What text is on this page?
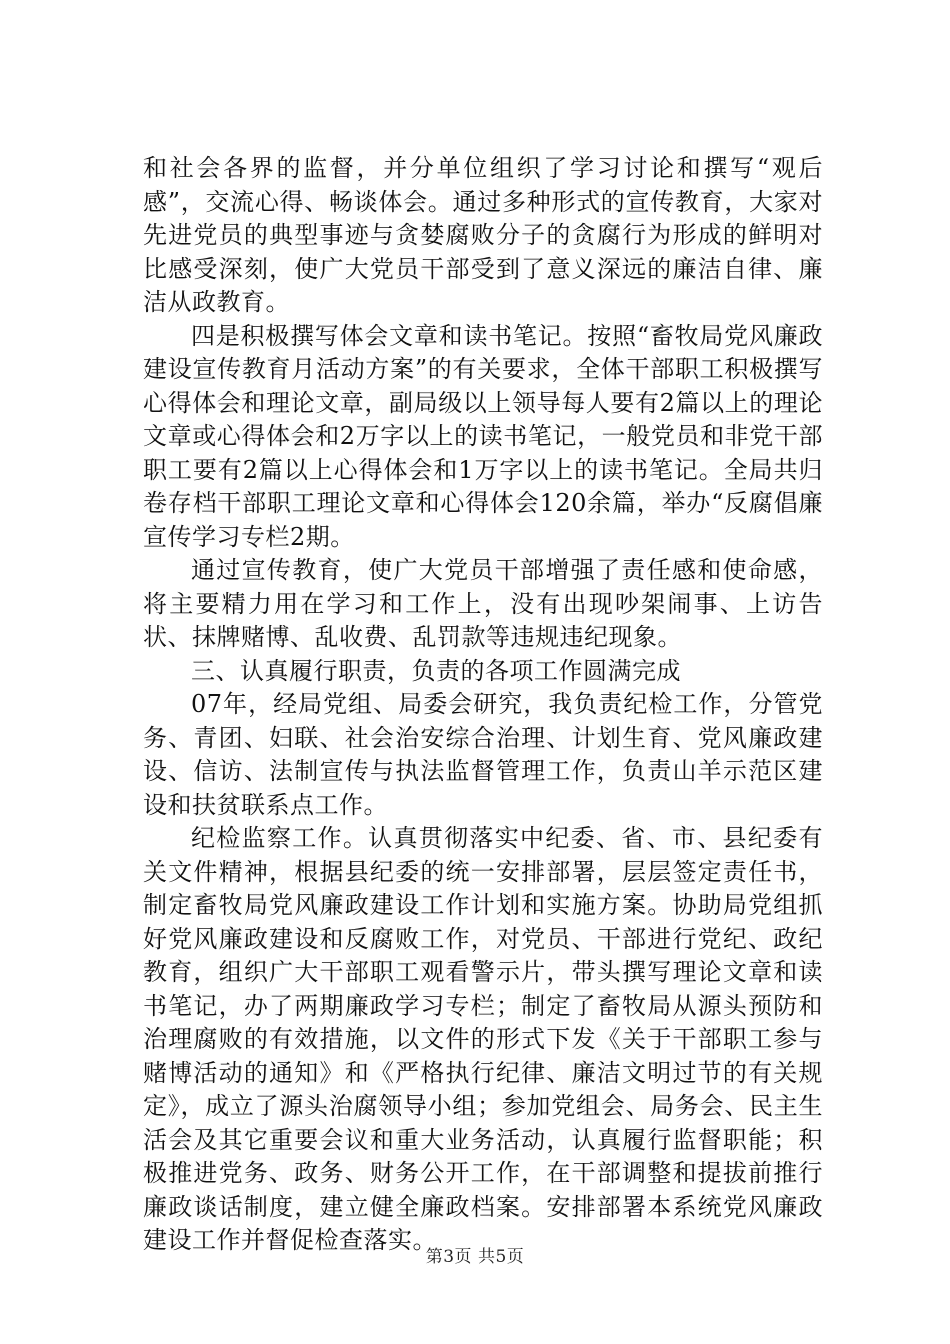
和社会各界的监督，并分单位组织了学习讨论和撰写“观后感”，交流心得、畅谈体会。通过多种形式的宣传教育，大家对先进党员的典型事迹与贪婪腐败分子的贪腐行为形成的鲜明对比感受深刻，使广大党员干部受到了意义深远的廉洁自律、廉洁从政教育。

四是积极撰写体会文章和读书笔记。按照“畜牧局党风廉政建设宣传教育月活动方案”的有关要求，全体干部职工积极撰写心得体会和理论文章，副局级以上领导每人要有2篇以上的理论文章或心得体会和2万字以上的读书笔记，一般党员和非党干部职工要有2篇以上心得体会和1万字以上的读书笔记。全局共归卷存档干部职工理论文章和心得体会120余篇，举办“反腐倡廉宣传学习专栏2期。

通过宣传教育，使广大党员干部增强了责任感和使命感，将主要精力用在学习和工作上，没有出现吵架闹事、上访告状、抹牌赌博、乱收费、乱罚款等违规违纪现象。

三、认真履行职责，负责的各项工作圆满完成

07年，经局党组、局委会研究，我负责纪检工作，分管党务、青团、妇联、社会治安综合治理、计划生育、党风廉政建设、信访、法制宣传与执法监督管理工作，负责山羊示范区建设和扶贫联系点工作。

纪检监察工作。认真贯彻落实中纪委、省、市、县纪委有关文件精神，根据县纪委的统一安排部署，层层签定责任书，制定畜牧局党风廉政建设工作计划和实施方案。协助局党组抓好党风廉政建设和反腐败工作，对党员、干部进行党纪、政纪教育，组织广大干部职工观看警示片，带头撰写理论文章和读书笔记，办了两期廉政学习专栏；制定了畜牧局从源头预防和治理腐败的有效措施，以文件的形式下发《关于干部职工参与赌博活动的通知》和《严格执行纪律、廉洁文明过节的有关规定》，成立了源头治腐领导小组；参加党组会、局务会、民主生活会及其它重要会议和重大业务活动，认真履行监督职能；积极推进党务、政务、财务公开工作，在干部调整和提拔前推行廉政谈话制度，建立健全廉政档案。安排部署本系统党风廉政建设工作并督促检查落实。

第3页 共5页
